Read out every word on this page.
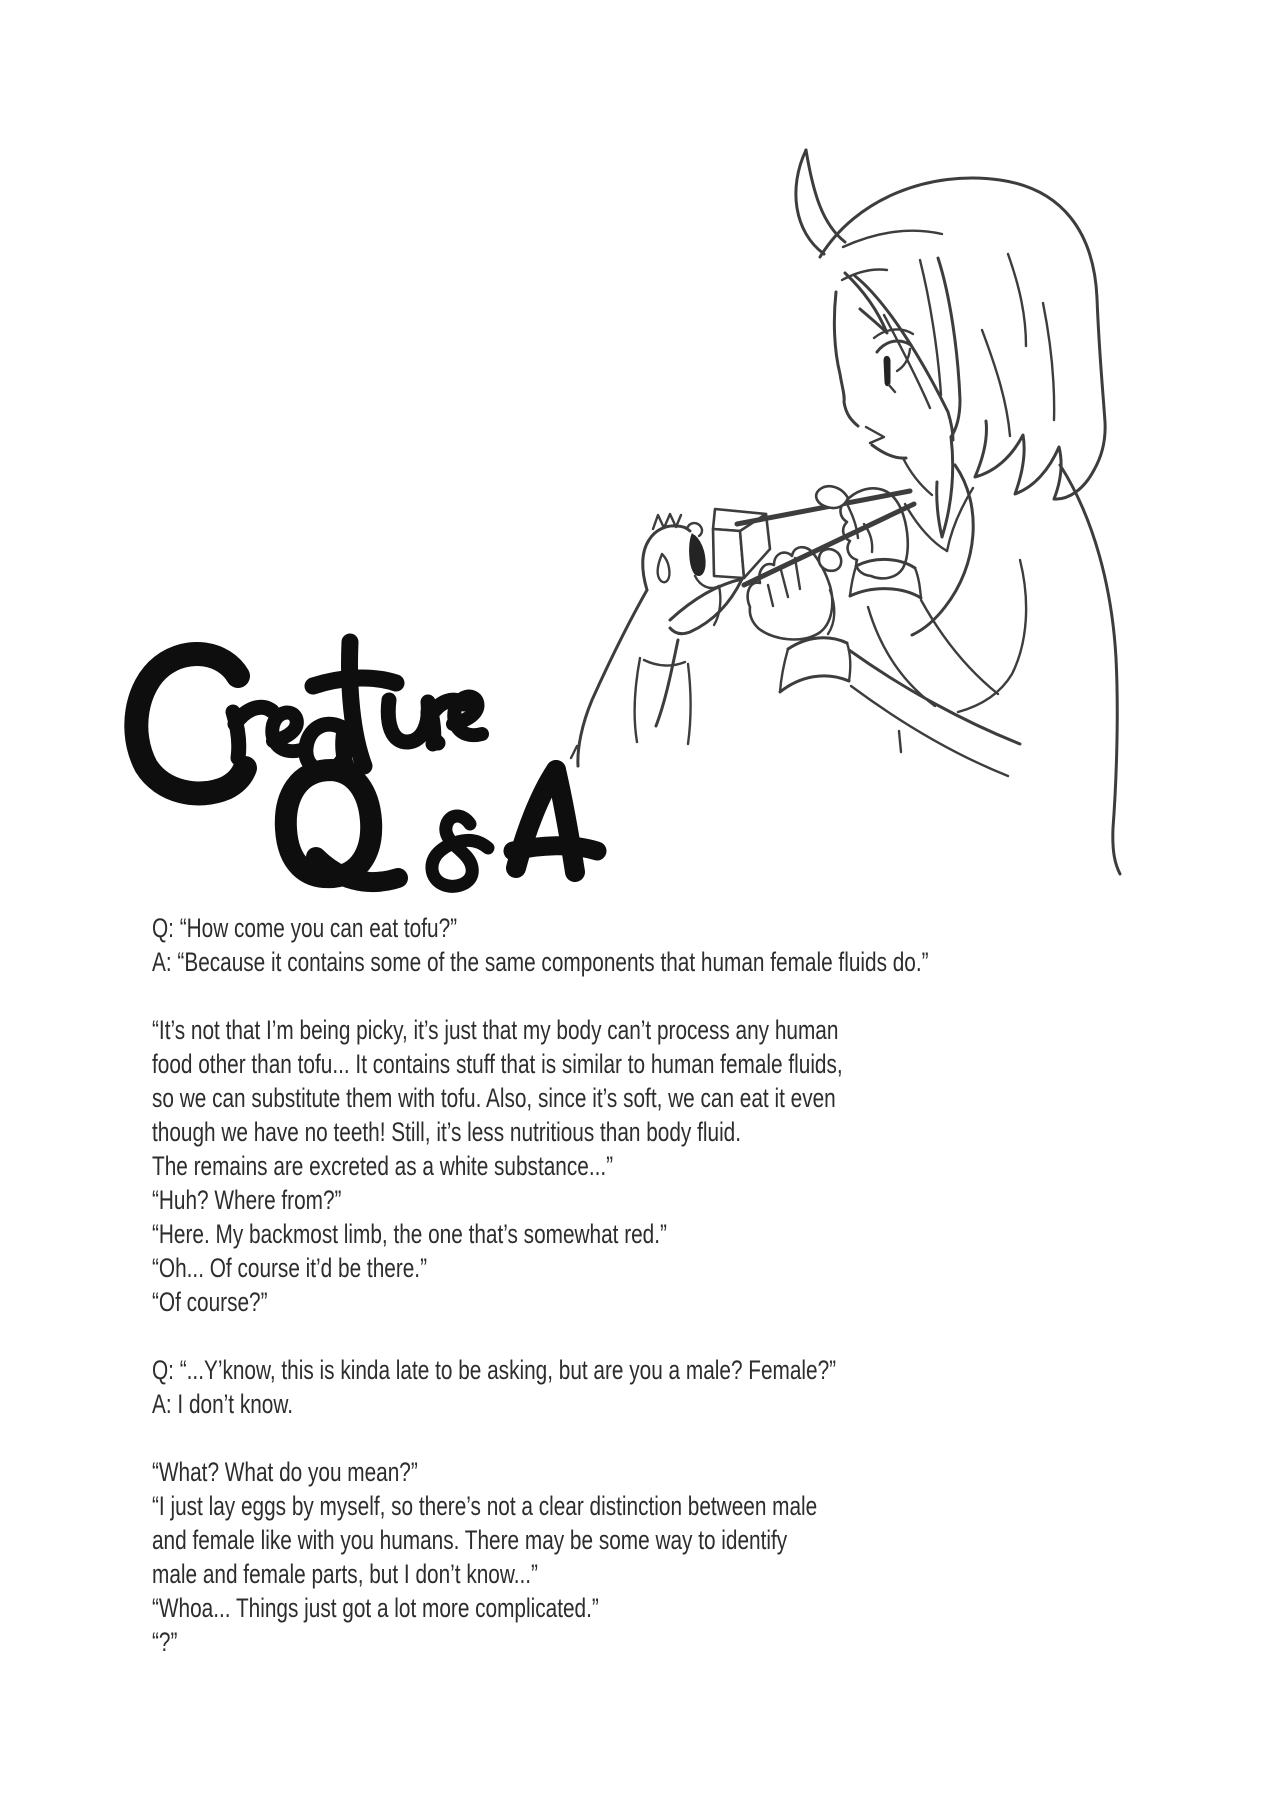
Q: “How come you can eat tofu?”
A: “Because it contains some of the same components that human female fluids do.”
“It’s not that I’m being picky, it’s just that my body can’t process any human
food other than tofu... It contains stuff that is similar to human female fluids,
so we can substitute them with tofu. Also, since it’s soft, we can eat it even
though we have no teeth! Still, it’s less nutritious than body fluid.
The remains are excreted as a white substance...”
“Huh? Where from?”
“Here. My backmost limb, the one that’s somewhat red.”
“Oh... Of course it’d be there.”
“Of course?”
Q: “...Y’know, this is kinda late to be asking, but are you a male? Female?”
A: I don’t know.
“What? What do you mean?”
“I just lay eggs by myself, so there’s not a clear distinction between male
and female like with you humans. There may be some way to identify
male and female parts, but I don’t know...”
“Whoa... Things just got a lot more complicated.”
“?”
